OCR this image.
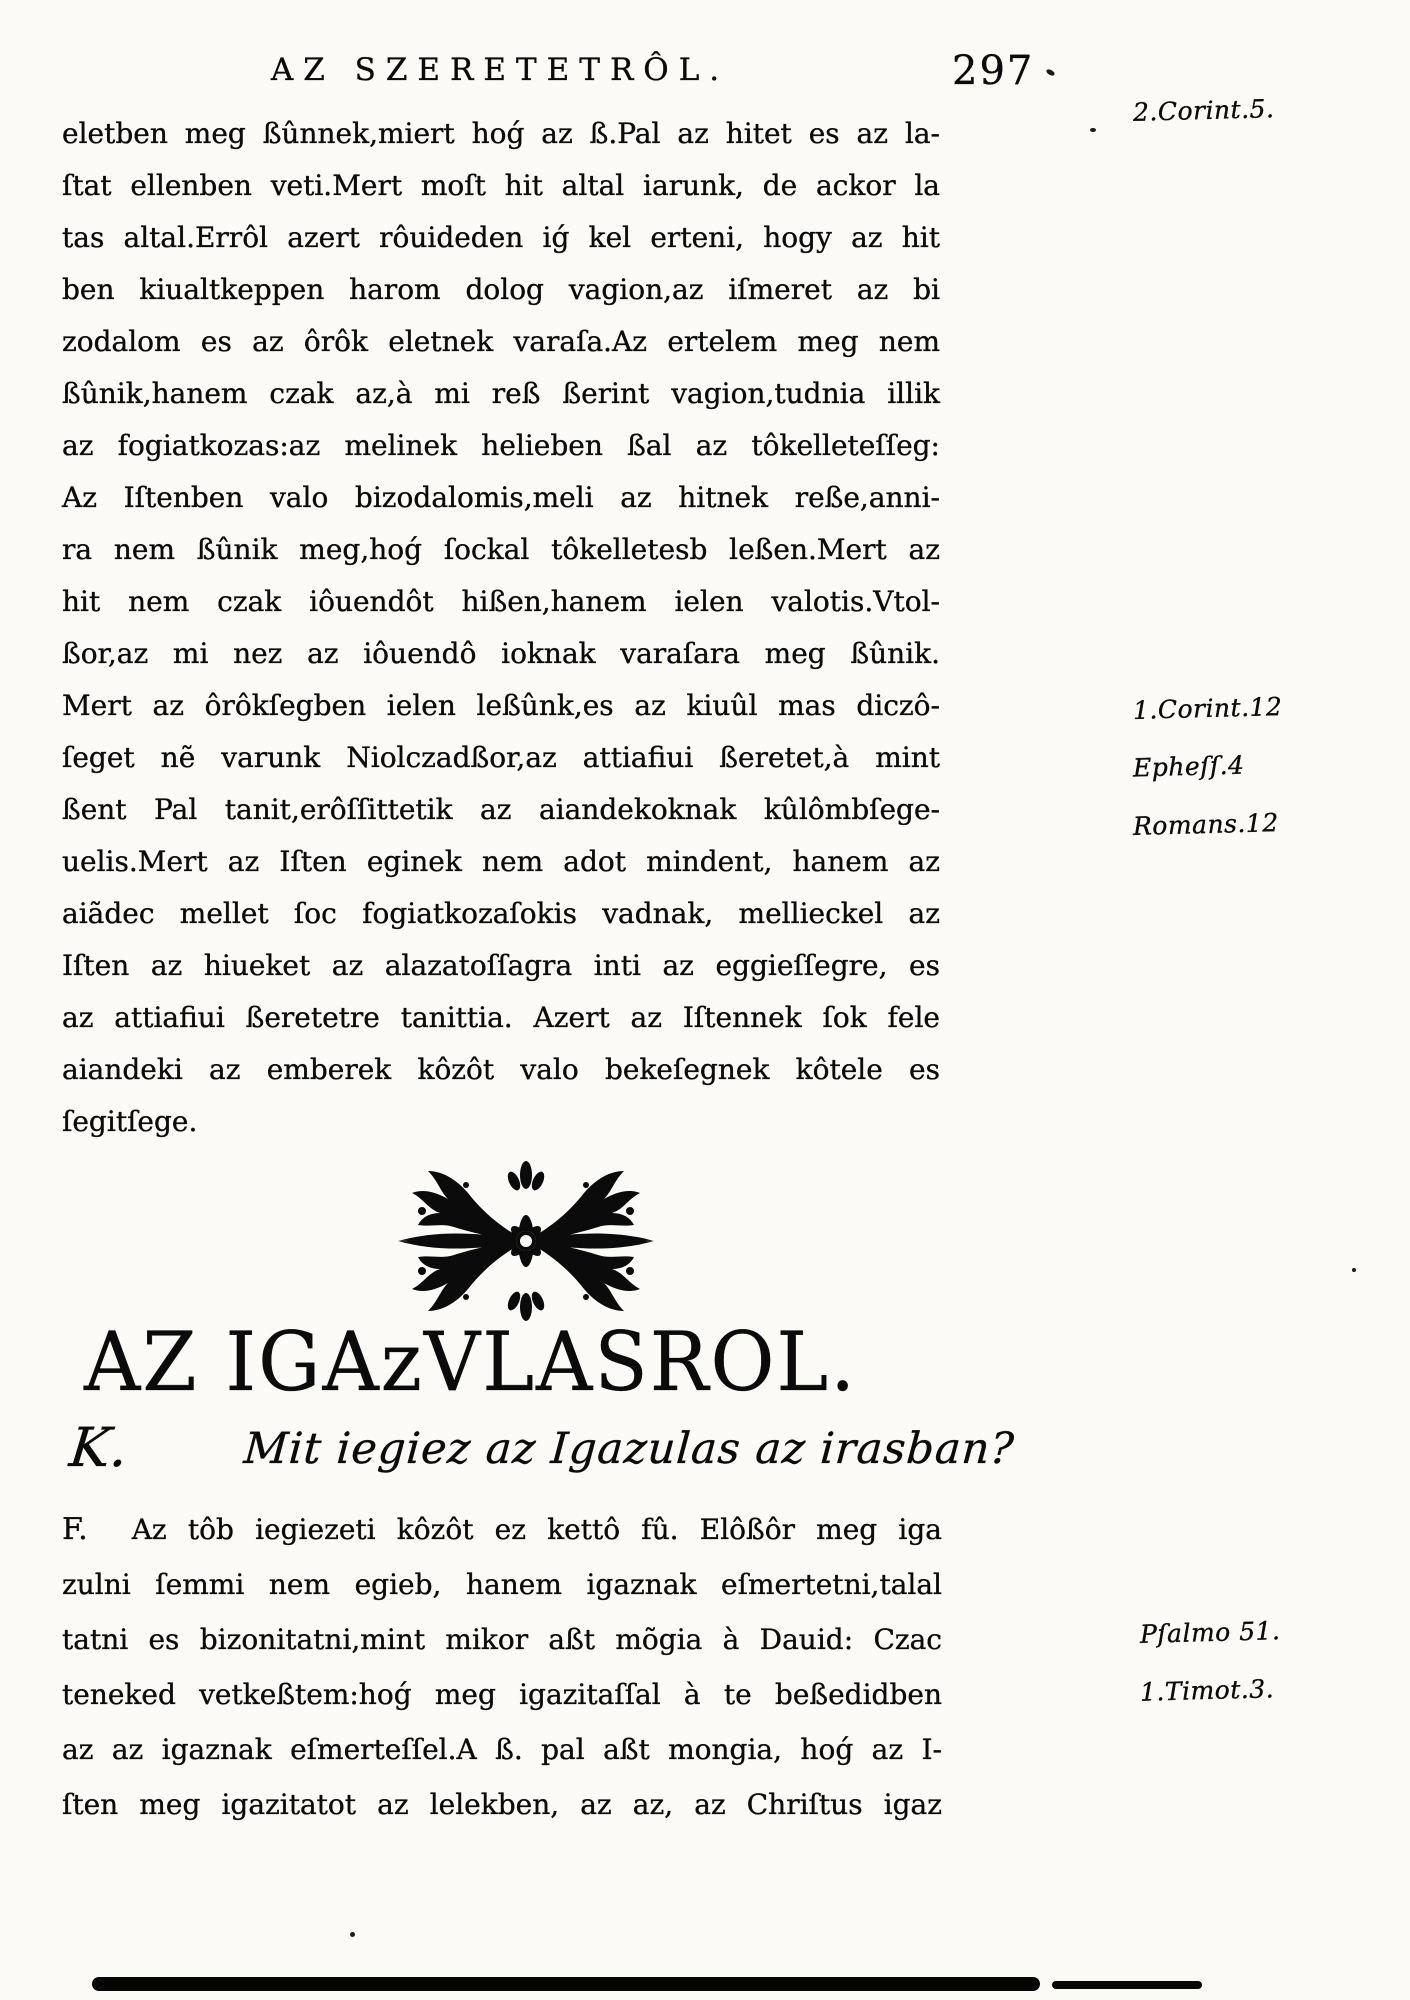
AZ SZERETETRÔL.	297
2.Corint.5.
1.Corint.12
Epheſſ.4
Romans.12
Pſalmo 51.
1.Timot.3.
eletben meg ßûnnek,miert hoǵ az ß.Pal az hitet es az la-
ſtat ellenben veti.Mert moſt hit altal iarunk, de ackor la
tas altal.Errôl azert rôuideden iǵ kel erteni, hogy az hit
ben kiualtkeppen harom dolog vagion,az iſmeret az bi
zodalom es az ôrôk eletnek varaſa.Az ertelem meg nem
ßûnik,hanem czak az,à mi reß ßerint vagion,tudnia illik
az fogiatkozas:az melinek helieben ßal az tôkelleteſſeg:
Az Iſtenben valo bizodalomis,meli az hitnek reße,anni-
ra nem ßûnik meg,hoǵ ſockal tôkelletesb leßen.Mert az
hit nem czak iôuendôt hißen,hanem ielen valotis.Vtol-
ßor,az mi nez az iôuendô ioknak varaſara meg ßûnik.
Mert az ôrôkſegben ielen leßûnk,es az kiuûl mas diczô-
ſeget nẽ varunk Niolczadßor,az attiafiui ßeretet,à mint
ßent Pal tanit,erôſſittetik az aiandekoknak kûlômbſege-
uelis.Mert az Iſten eginek nem adot mindent, hanem az
aiãdec mellet ſoc fogiatkozaſokis vadnak, mellieckel az
Iſten az hiueket az alazatoſſagra inti az eggieſſegre, es
az attiafiui ßeretetre tanittia. Azert az Iſtennek ſok fele
aiandeki az emberek kôzôt valo bekeſegnek kôtele es
ſegitſege.
AZ IGAzVLASROL.
K.	Mit iegiez az Igazulas az irasban?
F. Az tôb iegiezeti kôzôt ez kettô fû. Elôßôr meg iga
zulni ſemmi nem egieb, hanem igaznak eſmertetni,talal
tatni es bizonitatni,mint mikor aßt mõgia à Dauid: Czac
teneked vetkeßtem:hoǵ meg igazitaſſal à te beßedidben
az az igaznak eſmerteſſel.A ß. pal aßt mongia, hoǵ az I-
ſten meg igazitatot az lelekben, az az, az Chriſtus igaz
